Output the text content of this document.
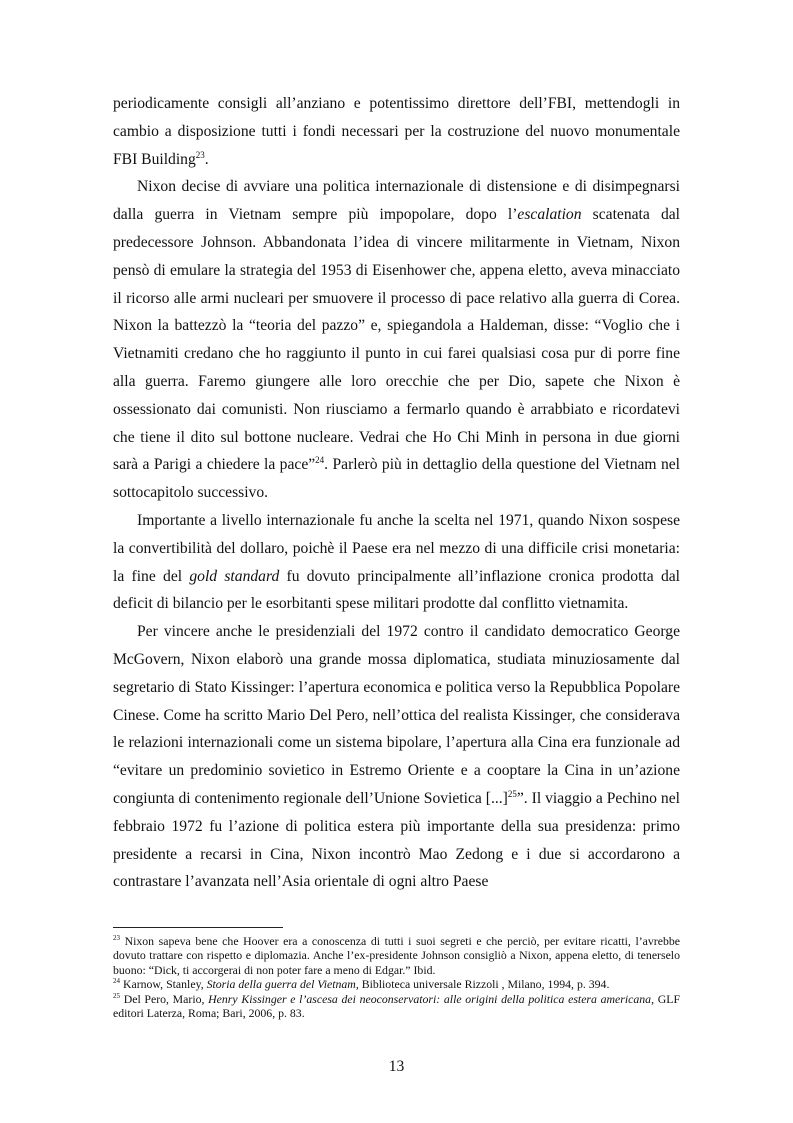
periodicamente consigli all’anziano e potentissimo direttore dell’FBI, mettendogli in cambio a disposizione tutti i fondi necessari per la costruzione del nuovo monumentale FBI Building$^{23}$.

Nixon decise di avviare una politica internazionale di distensione e di disimpegnarsi dalla guerra in Vietnam sempre più impopolare, dopo l’escalation scatenata dal predecessore Johnson. Abbandonata l’idea di vincere militarmente in Vietnam, Nixon pensò di emulare la strategia del 1953 di Eisenhower che, appena eletto, aveva minacciato il ricorso alle armi nucleari per smuovere il processo di pace relativo alla guerra di Corea. Nixon la battezzò la “teoria del pazzo” e, spiegandola a Haldeman, disse: “Voglio che i Vietnamiti credano che ho raggiunto il punto in cui farei qualsiasi cosa pur di porre fine alla guerra. Faremo giungere alle loro orecchie che per Dio, sapete che Nixon è ossessionato dai comunisti. Non riusciamo a fermarlo quando è arrabbiato e ricordatevi che tiene il dito sul bottone nucleare. Vedrai che Ho Chi Minh in persona in due giorni sarà a Parigi a chiedere la pace”$^{24}$. Parlerò più in dettaglio della questione del Vietnam nel sottocapitolo successivo.

Importante a livello internazionale fu anche la scelta nel 1971, quando Nixon sospese la convertibilità del dollaro, poichè il Paese era nel mezzo di una difficile crisi monetaria: la fine del gold standard fu dovuto principalmente all’inflazione cronica prodotta dal deficit di bilancio per le esorbitanti spese militari prodotte dal conflitto vietnamita.

Per vincere anche le presidenziali del 1972 contro il candidato democratico George McGovern, Nixon elaborò una grande mossa diplomatica, studiata minuziosamente dal segretario di Stato Kissinger: l’apertura economica e politica verso la Repubblica Popolare Cinese. Come ha scritto Mario Del Pero, nell’ottica del realista Kissinger, che considerava le relazioni internazionali come un sistema bipolare, l’apertura alla Cina era funzionale ad “evitare un predominio sovietico in Estremo Oriente e a cooptare la Cina in un’azione congiunta di contenimento regionale dell’Unione Sovietica [...]$^{25}$”. Il viaggio a Pechino nel febbraio 1972 fu l’azione di politica estera più importante della sua presidenza: primo presidente a recarsi in Cina, Nixon incontrò Mao Zedong e i due si accordarono a contrastare l’avanzata nell’Asia orientale di ogni altro Paese

$^{23}$ Nixon sapeva bene che Hoover era a conoscenza di tutti i suoi segreti e che perciò, per evitare ricatti, l’avrebbe dovuto trattare con rispetto e diplomazia. Anche l’ex-presidente Johnson consigliò a Nixon, appena eletto, di tenerselo buono: “Dick, ti accorgerai di non poter fare a meno di Edgar.” Ibid.

$^{24}$ Karnow, Stanley, Storia della guerra del Vietnam, Biblioteca universale Rizzoli , Milano, 1994, p. 394.

$^{25}$ Del Pero, Mario, Henry Kissinger e l’ascesa dei neoconservatori: alle origini della politica estera americana, GLF editori Laterza, Roma; Bari, 2006, p. 83.

13
